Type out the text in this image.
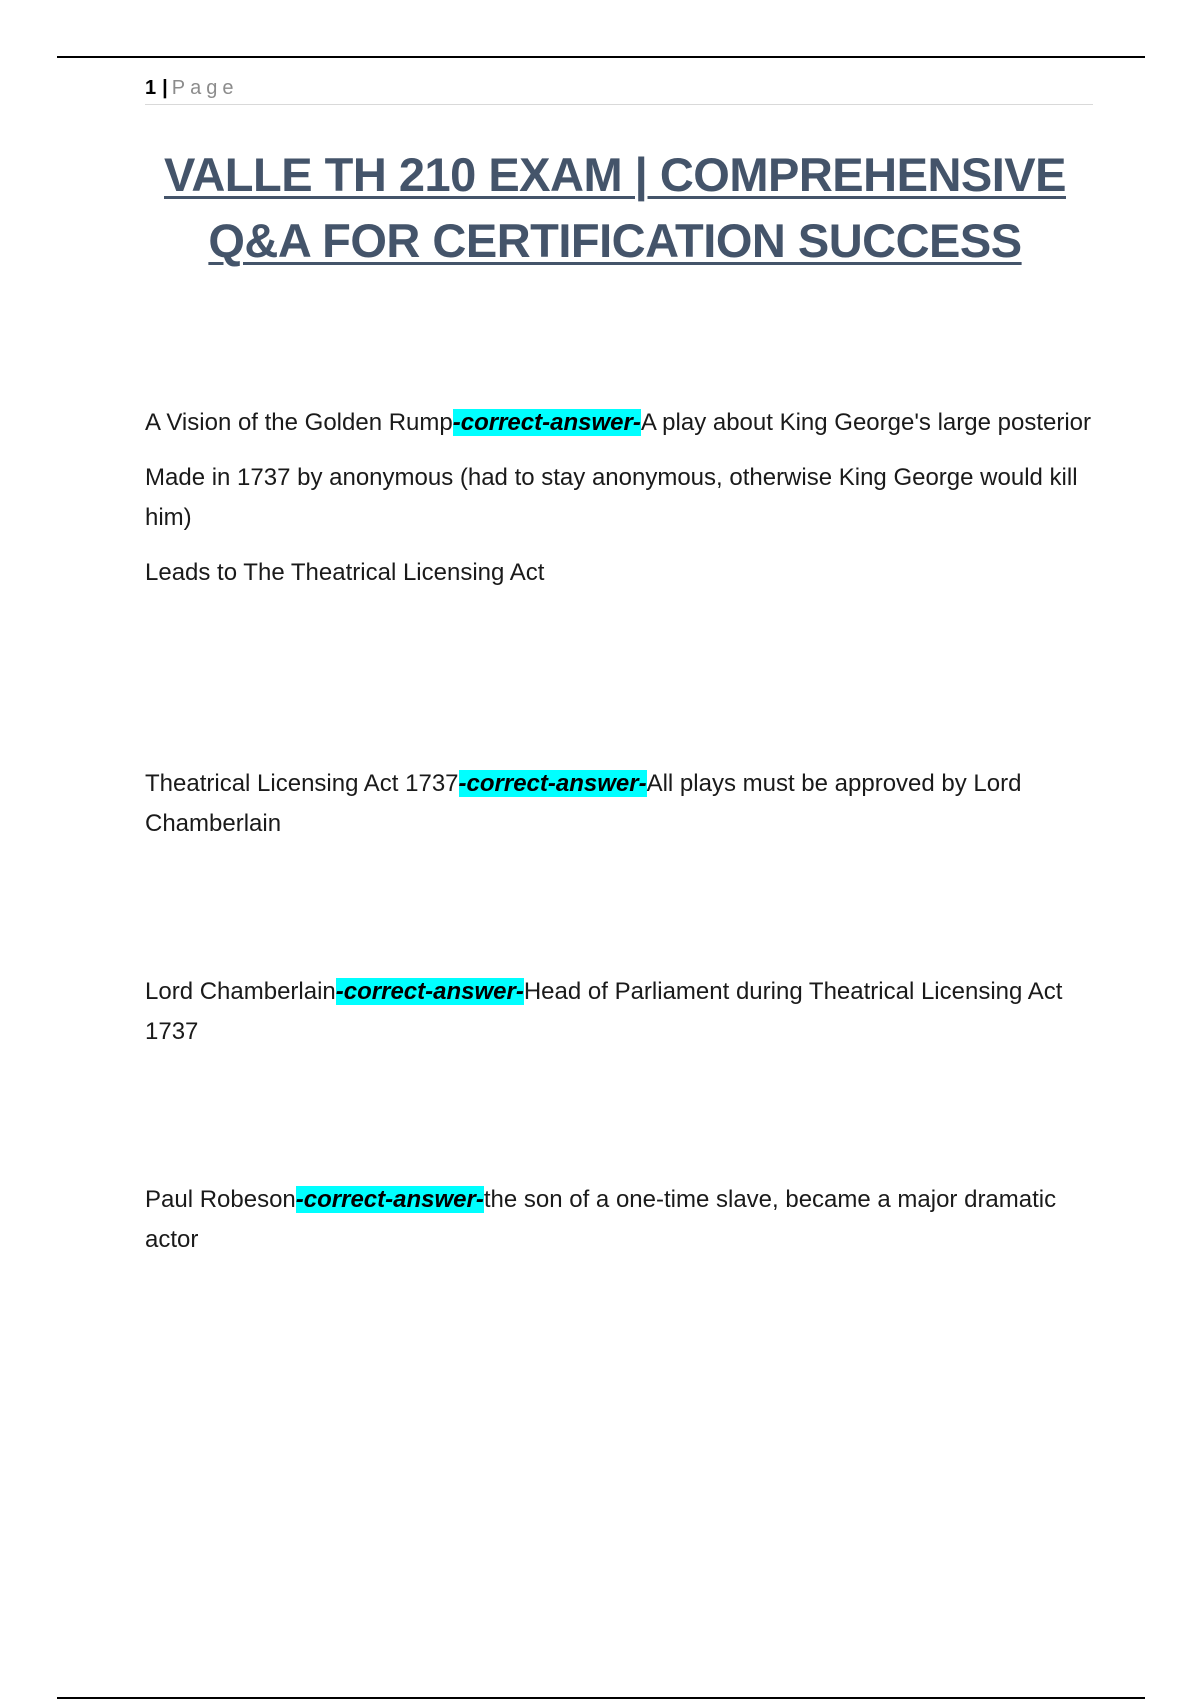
1 | Page
VALLE TH 210 EXAM | COMPREHENSIVE
Q&A FOR CERTIFICATION SUCCESS

A Vision of the Golden Rump-correct-answer-A play about King George's large posterior

Made in 1737 by anonymous (had to stay anonymous, otherwise King George would kill him)

Leads to The Theatrical Licensing Act

Theatrical Licensing Act 1737-correct-answer-All plays must be approved by Lord Chamberlain

Lord Chamberlain-correct-answer-Head of Parliament during Theatrical Licensing Act 1737

Paul Robeson-correct-answer-the son of a one-time slave, became a major dramatic actor
